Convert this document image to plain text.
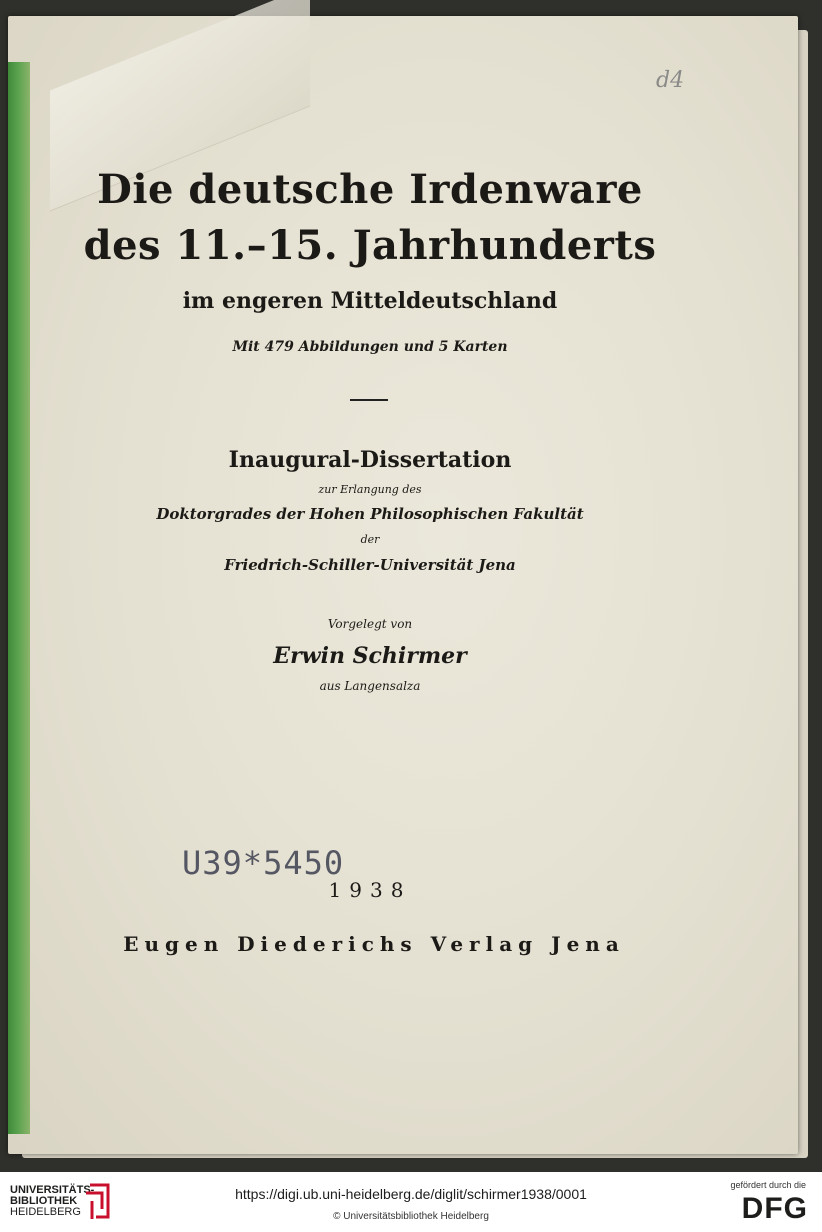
d4
Die deutsche Irdenware
des 11.–15. Jahrhunderts
im engeren Mitteldeutschland
Mit 479 Abbildungen und 5 Karten
Inaugural-Dissertation
zur Erlangung des
Doktorgrades der Hohen Philosophischen Fakultät
der
Friedrich-Schiller-Universität Jena
Vorgelegt von
Erwin Schirmer
aus Langensalza
U39*5450
1938
Eugen Diederichs Verlag Jena
UNIVERSITÄTS-
BIBLIOTHEK
HEIDELBERG
https://digi.ub.uni-heidelberg.de/diglit/schirmer1938/0001
© Universitätsbibliothek Heidelberg
gefördert durch die
DFG
